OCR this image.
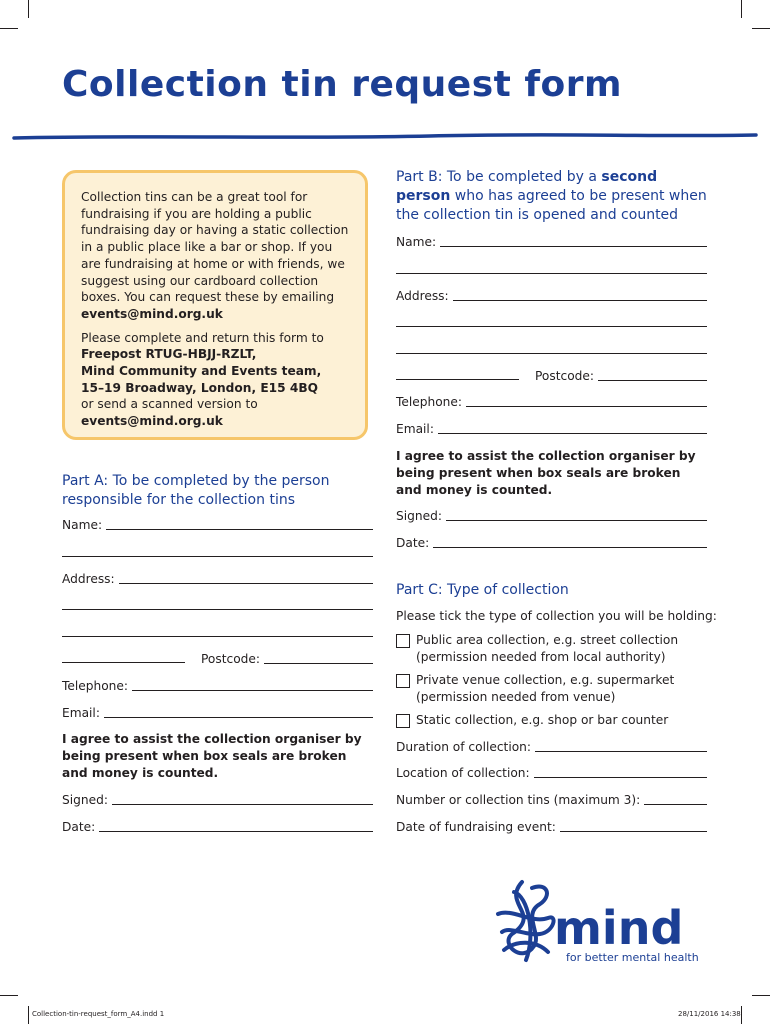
Collection tin request form

Collection tins can be a great tool for fundraising if you are holding a public fundraising day or having a static collection in a public place like a bar or shop. If you are fundraising at home or with friends, we suggest using our cardboard collection boxes. You can request these by emailing events@mind.org.uk

Please complete and return this form to

Freepost RTUG-HBJJ-RZLT,

Mind Community and Events team,

15–19 Broadway, London, E15 4BQ

or send a scanned version to

events@mind.org.uk

Part A: To be completed by the person responsible for the collection tins

Name:
Address:
Postcode:
Telephone:
Email:

I agree to assist the collection organiser by being present when box seals are broken and money is counted.

Signed:
Date:

Part B: To be completed by a second person who has agreed to be present when the collection tin is opened and counted

Name:
Address:
Postcode:
Telephone:
Email:

I agree to assist the collection organiser by being present when box seals are broken and money is counted.

Signed:
Date:

Part C: Type of collection

Please tick the type of collection you will be holding:
Public area collection, e.g. street collection
(permission needed from local authority)
Private venue collection, e.g. supermarket
(permission needed from venue)
Static collection, e.g. shop or bar counter
Duration of collection:
Location of collection:
Number or collection tins (maximum 3):
Date of fundraising event:
mind
for better mental health
Collection-tin-request_form_A4.indd 1	28/11/2016 14:38
